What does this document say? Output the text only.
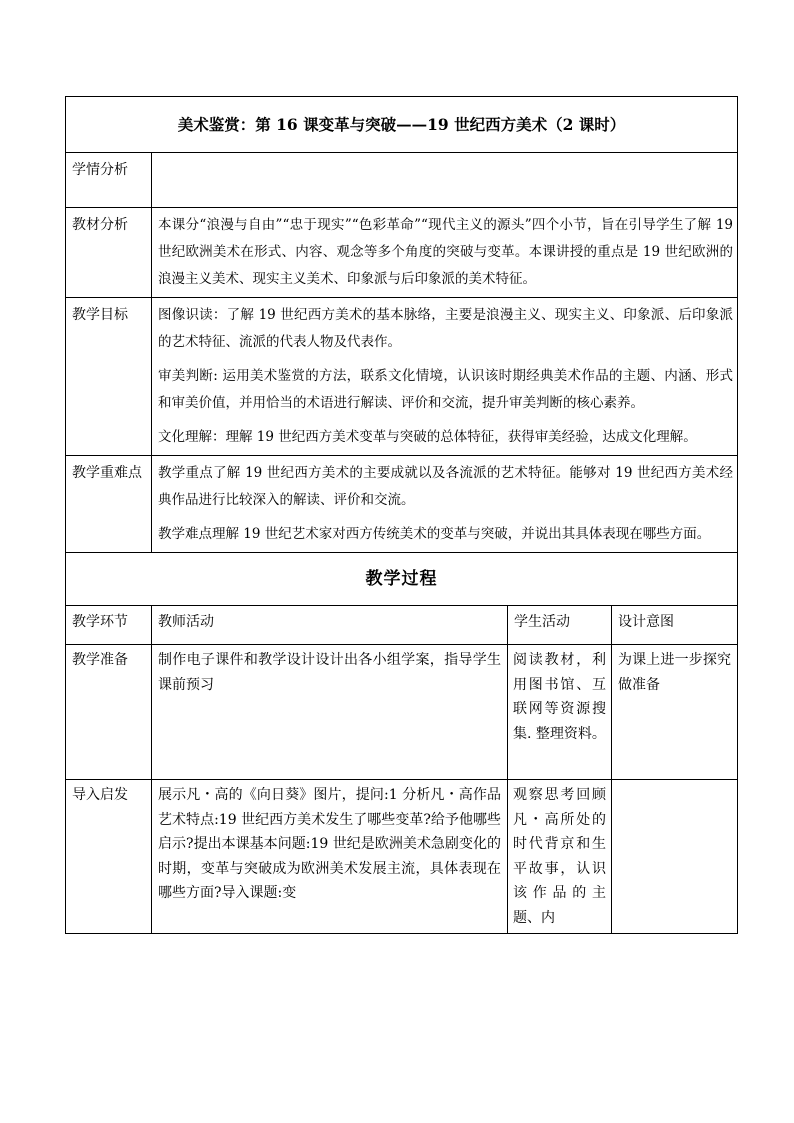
美术鉴赏：第 16 课变革与突破——19 世纪西方美术（2 课时）			
学情分析			
教材分析	本课分“浪漫与自由”“忠于现实”“色彩革命”“现代主义的源头”四个小节，旨在引导学生了解 19 世纪欧洲美术在形式、内容、观念等多个角度的突破与变革。本课讲授的重点是 19 世纪欧洲的浪漫主义美术、现实主义美术、印象派与后印象派的美术特征。		
教学目标	图像识读：了解 19 世纪西方美术的基本脉络，主要是浪漫主义、现实主义、印象派、后印象派的艺术特征、流派的代表人物及代表作。

审美判断: 运用美术鉴赏的方法，联系文化情境，认识该时期经典美术作品的主题、内涵、形式和审美价值，并用恰当的术语进行解读、评价和交流，提升审美判断的核心素养。

文化理解：理解 19 世纪西方美术变革与突破的总体特征，获得审美经验，达成文化理解。		

教学重难点	教学重点了解 19 世纪西方美术的主要成就以及各流派的艺术特征。能够对 19 世纪西方美术经典作品进行比较深入的解读、评价和交流。

教学难点理解 19 世纪艺术家对西方传统美术的变革与突破，并说出其具体表现在哪些方面。		

教学过程			
教学环节	教师活动	学生活动	设计意图
教学准备	制作电子课件和教学设计设计出各小组学案，指导学生课前预习	阅读教材，利用图书馆、互联网等资源搜集. 整理资料。	为课上进一步探究做准备
导入启发	展示凡・高的《向日葵》图片，提问:1 分析凡・高作品艺术特点:19 世纪西方美术发生了哪些变革?给予他哪些启示?提出本课基本问题:19 世纪是欧洲美术急剧变化的时期，变革与突破成为欧洲美术发展主流，具体表现在哪些方面?导入课题:变	观察思考回顾凡・高所处的时代背京和生平故事，认识该作品的主题、内	
